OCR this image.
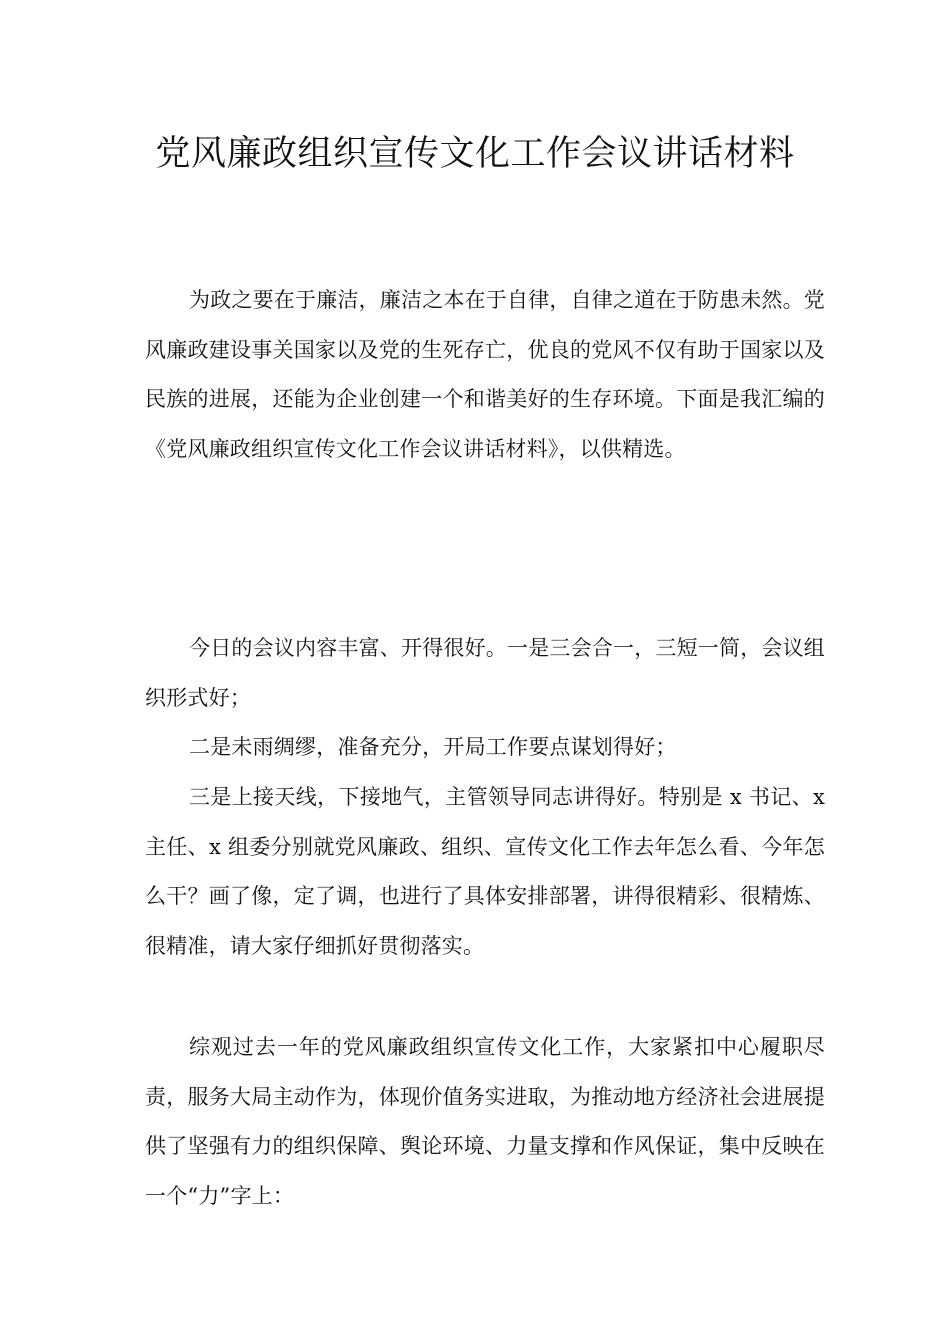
党风廉政组织宣传文化工作会议讲话材料

为政之要在于廉洁，廉洁之本在于自律，自律之道在于防患未然。党风廉政建设事关国家以及党的生死存亡，优良的党风不仅有助于国家以及民族的进展，还能为企业创建一个和谐美好的生存环境。下面是我汇编的《党风廉政组织宣传文化工作会议讲话材料》，以供精选。

今日的会议内容丰富、开得很好。一是三会合一，三短一简，会议组织形式好；

二是未雨绸缪，准备充分，开局工作要点谋划得好；

三是上接天线，下接地气，主管领导同志讲得好。特别是 x 书记、x 主任、x 组委分别就党风廉政、组织、宣传文化工作去年怎么看、今年怎么干？画了像，定了调，也进行了具体安排部署，讲得很精彩、很精炼、很精准，请大家仔细抓好贯彻落实。

综观过去一年的党风廉政组织宣传文化工作，大家紧扣中心履职尽责，服务大局主动作为，体现价值务实进取，为推动地方经济社会进展提供了坚强有力的组织保障、舆论环境、力量支撑和作风保证，集中反映在一个“力”字上：
